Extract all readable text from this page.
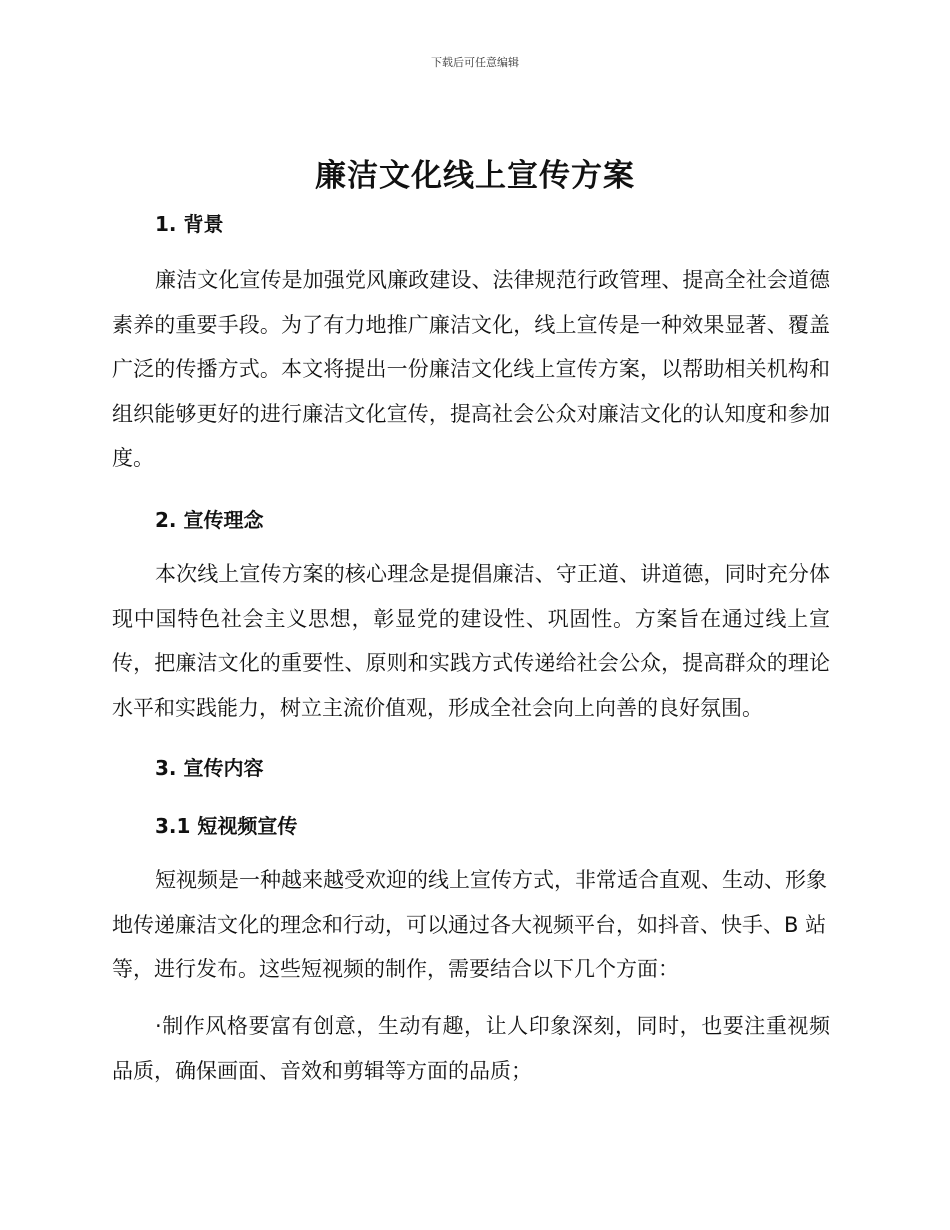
下载后可任意编辑
廉洁文化线上宣传方案
1. 背景

廉洁文化宣传是加强党风廉政建设、法律规范行政管理、提高全社会道德素养的重要手段。为了有力地推广廉洁文化，线上宣传是一种效果显著、覆盖广泛的传播方式。本文将提出一份廉洁文化线上宣传方案，以帮助相关机构和组织能够更好的进行廉洁文化宣传，提高社会公众对廉洁文化的认知度和参加度。

2. 宣传理念

本次线上宣传方案的核心理念是提倡廉洁、守正道、讲道德，同时充分体现中国特色社会主义思想，彰显党的建设性、巩固性。方案旨在通过线上宣传，把廉洁文化的重要性、原则和实践方式传递给社会公众，提高群众的理论水平和实践能力，树立主流价值观，形成全社会向上向善的良好氛围。

3. 宣传内容
3.1 短视频宣传

短视频是一种越来越受欢迎的线上宣传方式，非常适合直观、生动、形象地传递廉洁文化的理念和行动，可以通过各大视频平台，如抖音、快手、B 站等，进行发布。这些短视频的制作，需要结合以下几个方面：

·制作风格要富有创意，生动有趣，让人印象深刻，同时，也要注重视频品质，确保画面、音效和剪辑等方面的品质；
